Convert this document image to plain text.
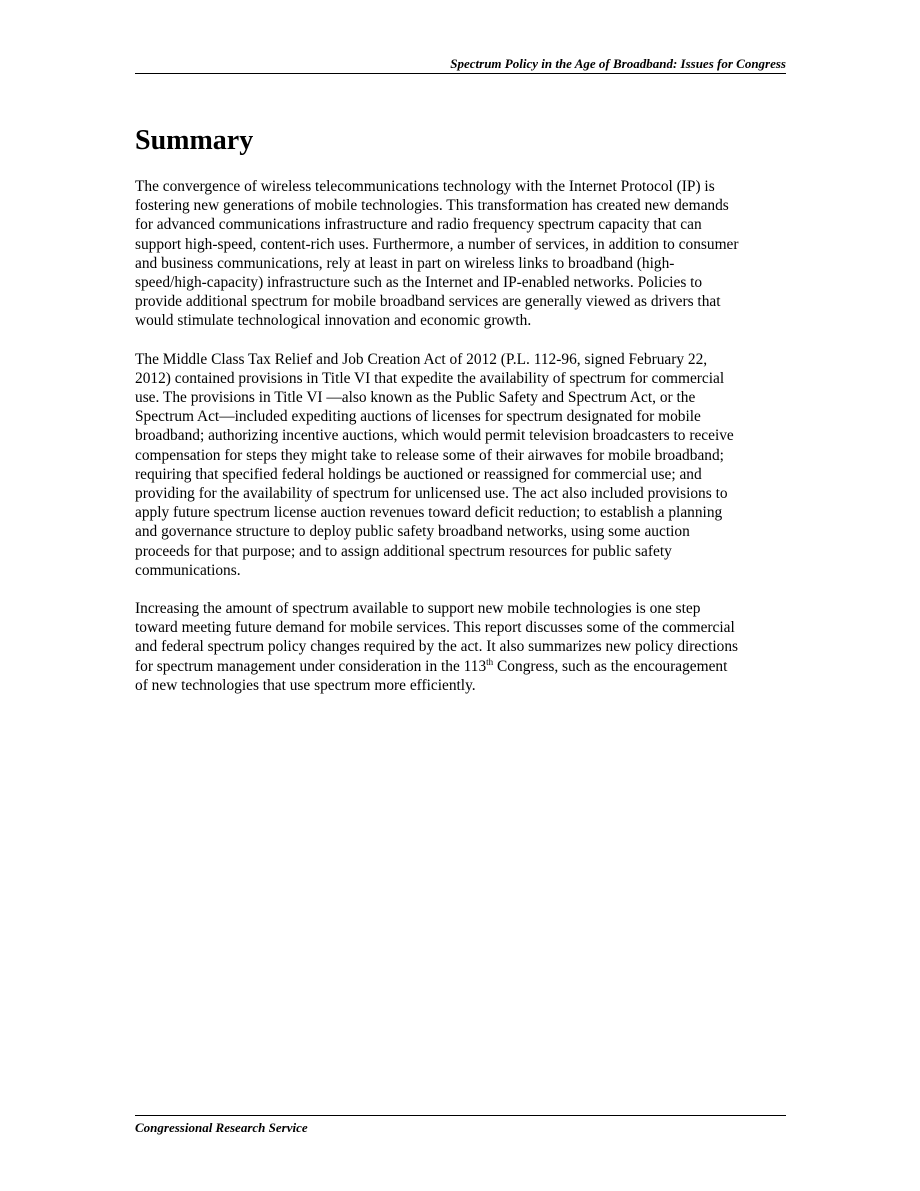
Spectrum Policy in the Age of Broadband: Issues for Congress
Summary

The convergence of wireless telecommunications technology with the Internet Protocol (IP) is
fostering new generations of mobile technologies. This transformation has created new demands
for advanced communications infrastructure and radio frequency spectrum capacity that can
support high-speed, content-rich uses. Furthermore, a number of services, in addition to consumer
and business communications, rely at least in part on wireless links to broadband (high-
speed/high-capacity) infrastructure such as the Internet and IP-enabled networks. Policies to
provide additional spectrum for mobile broadband services are generally viewed as drivers that
would stimulate technological innovation and economic growth.

The Middle Class Tax Relief and Job Creation Act of 2012 (P.L. 112-96, signed February 22,
2012) contained provisions in Title VI that expedite the availability of spectrum for commercial
use. The provisions in Title VI —also known as the Public Safety and Spectrum Act, or the
Spectrum Act—included expediting auctions of licenses for spectrum designated for mobile
broadband; authorizing incentive auctions, which would permit television broadcasters to receive
compensation for steps they might take to release some of their airwaves for mobile broadband;
requiring that specified federal holdings be auctioned or reassigned for commercial use; and
providing for the availability of spectrum for unlicensed use. The act also included provisions to
apply future spectrum license auction revenues toward deficit reduction; to establish a planning
and governance structure to deploy public safety broadband networks, using some auction
proceeds for that purpose; and to assign additional spectrum resources for public safety
communications.

Increasing the amount of spectrum available to support new mobile technologies is one step
toward meeting future demand for mobile services. This report discusses some of the commercial
and federal spectrum policy changes required by the act. It also summarizes new policy directions
for spectrum management under consideration in the 113th Congress, such as the encouragement
of new technologies that use spectrum more efficiently.

Congressional Research Service
